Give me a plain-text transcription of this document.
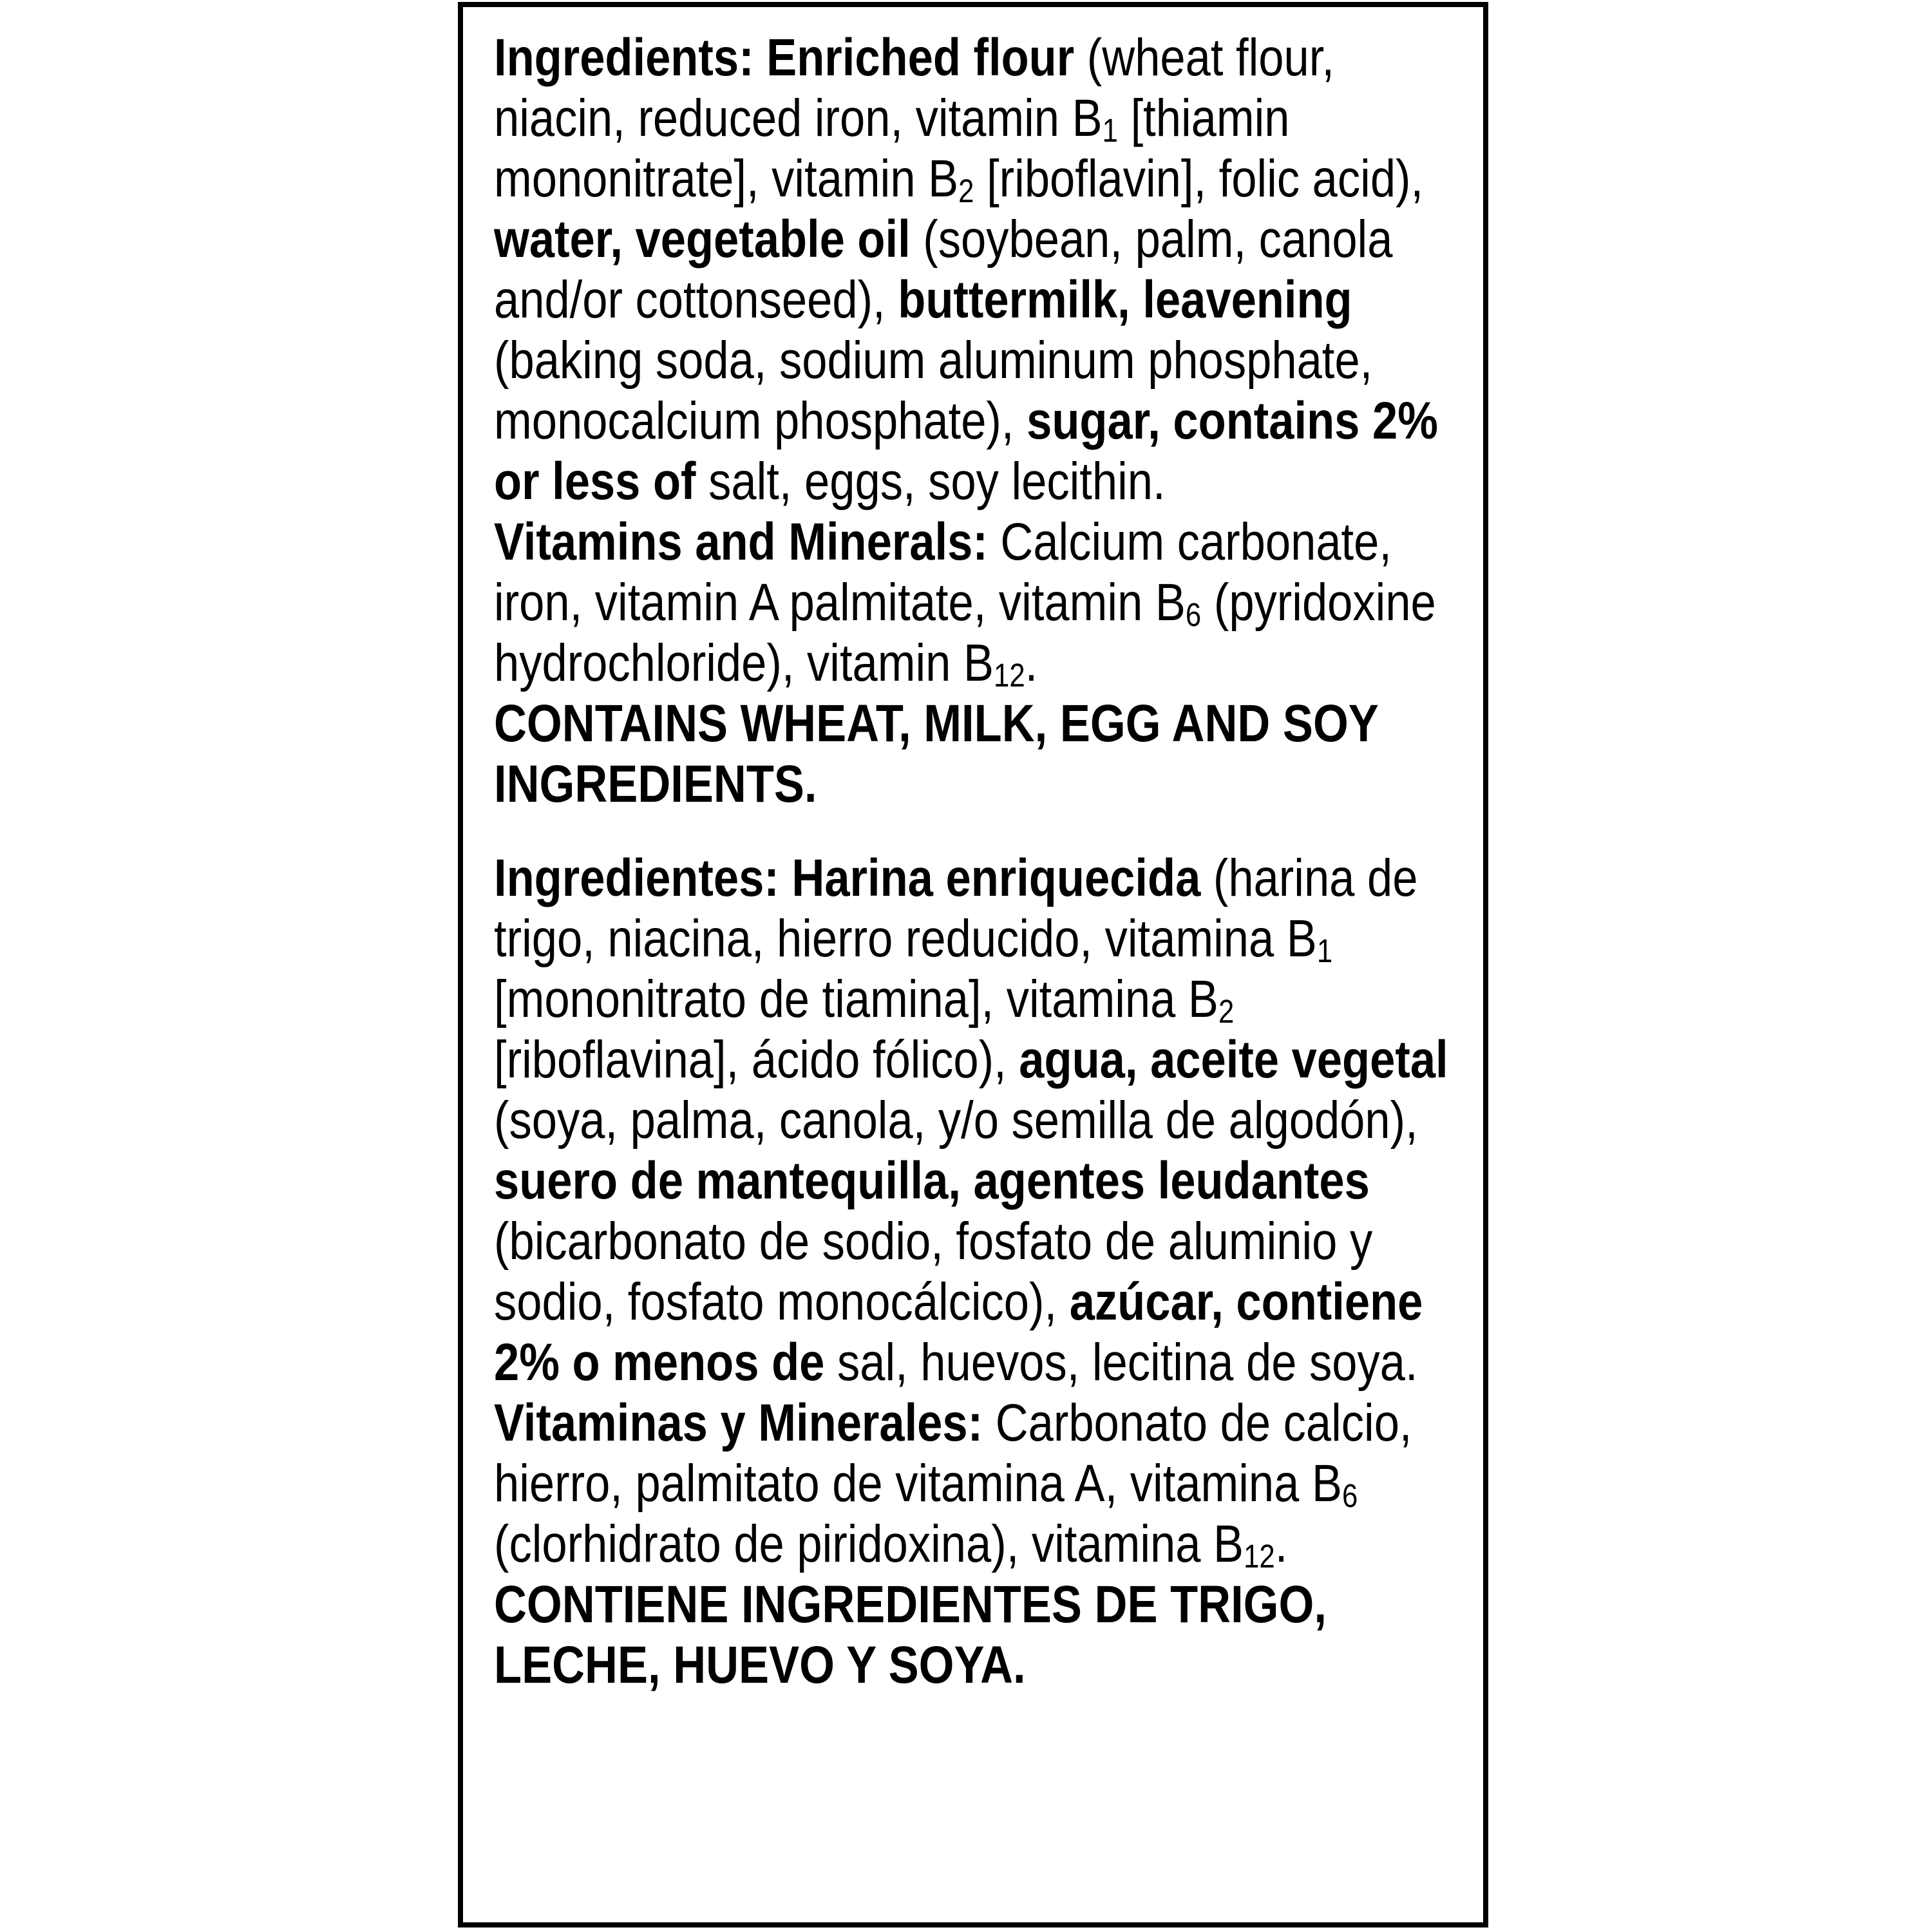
Ingredients: Enriched flour (wheat flour, niacin, reduced iron, vitamin $B_1$ [thiamin mononitrate], vitamin $B_2$ [riboflavin], folic acid), water, vegetable oil (soybean, palm, canola and/or cottonseed), buttermilk, leavening (baking soda, sodium aluminum phosphate, monocalcium phosphate), sugar, contains 2% or less of salt, eggs, soy lecithin.

Vitamins and Minerals: Calcium carbonate, iron, vitamin A palmitate, vitamin $B_6$ (pyridoxine hydrochloride), vitamin $B_{12}$.

CONTAINS WHEAT, MILK, EGG AND SOY INGREDIENTS.

Ingredientes: Harina enriquecida (harina de trigo, niacina, hierro reducido, vitamina $B_1$ [mononitrato de tiamina], vitamina $B_2$ [riboflavina], ácido fólico), agua, aceite vegetal (soya, palma, canola, y/o semilla de algodón), suero de mantequilla, agentes leudantes (bicarbonato de sodio, fosfato de aluminio y sodio, fosfato monocálcico), azúcar, contiene 2% o menos de sal, huevos, lecitina de soya.

Vitaminas y Minerales: Carbonato de calcio, hierro, palmitato de vitamina A, vitamina $B_6$ (clorhidrato de piridoxina), vitamina $B_{12}$.

CONTIENE INGREDIENTES DE TRIGO, LECHE, HUEVO Y SOYA.
